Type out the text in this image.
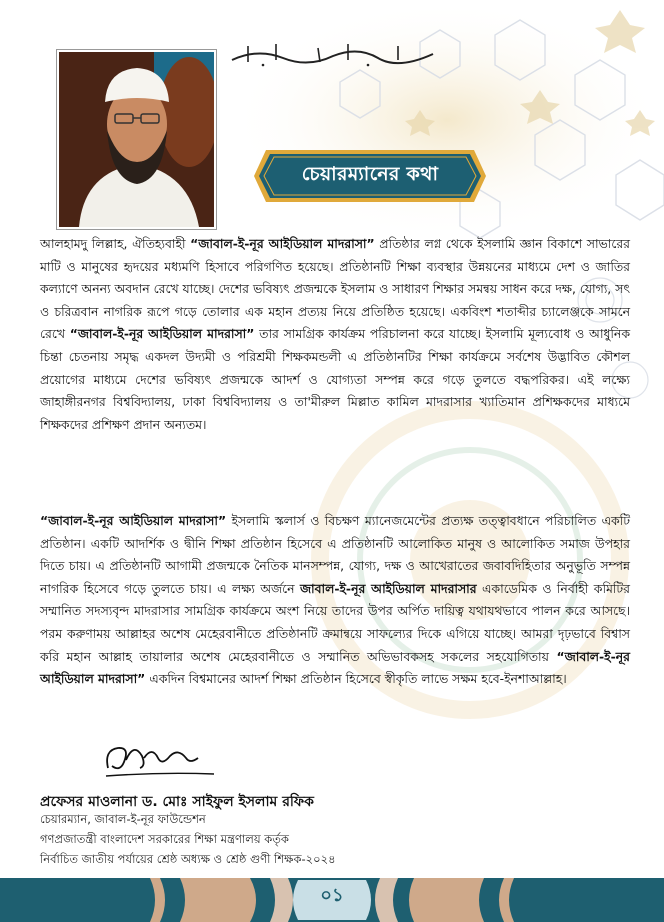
চেয়ারম্যানের কথা
আলহামদু লিল্লাহ, ঐতিহ্যবাহী “জাবাল-ই-নূর আইডিয়াল মাদরাসা” প্রতিষ্ঠার লগ্ন থেকে ইসলামি জ্ঞান বিকাশে সাভারের মাটি ও মানুষের হৃদয়ের মধ্যমণি হিসাবে পরিগণিত হয়েছে। প্রতিষ্ঠানটি শিক্ষা ব্যবস্থার উন্নয়নের মাধ্যমে দেশ ও জাতির কল্যাণে অনন্য অবদান রেখে যাচ্ছে। দেশের ভবিষ্যৎ প্রজন্মকে ইসলাম ও সাধারণ শিক্ষার সমন্বয় সাধন করে দক্ষ, যোগ্য, সৎ ও চরিত্রবান নাগরিক রূপে গড়ে তোলার এক মহান প্রত্যয় নিয়ে প্রতিষ্ঠিত হয়েছে। একবিংশ শতাব্দীর চ্যালেঞ্জকে সামনে রেখে “জাবাল-ই-নূর আইডিয়াল মাদরাসা” তার সামগ্রিক কার্যক্রম পরিচালনা করে যাচ্ছে। ইসলামি মূল্যবোধ ও আধুনিক চিন্তা চেতনায় সমৃদ্ধ একদল উদ্যমী ও পরিশ্রমী শিক্ষকমন্ডলী এ প্রতিষ্ঠানটির শিক্ষা কার্যক্রমে সর্বশেষ উদ্ভাবিত কৌশল প্রয়োগের মাধ্যমে দেশের ভবিষ্যৎ প্রজন্মকে আদর্শ ও যোগ্যতা সম্পন্ন করে গড়ে তুলতে বদ্ধপরিকর। এই লক্ষ্যে জাহাঙ্গীরনগর বিশ্ববিদ্যালয়, ঢাকা বিশ্ববিদ্যালয় ও তা'মীরুল মিল্লাত কামিল মাদরাসার খ্যাতিমান প্রশিক্ষকদের মাধ্যমে শিক্ষকদের প্রশিক্ষণ প্রদান অন্যতম।
“জাবাল-ই-নূর আইডিয়াল মাদরাসা” ইসলামি স্কলার্স ও বিচক্ষণ ম্যানেজমেন্টের প্রত্যক্ষ তত্ত্বাবধানে পরিচালিত একটি প্রতিষ্ঠান। একটি আদর্শিক ও দ্বীনি শিক্ষা প্রতিষ্ঠান হিসেবে এ প্রতিষ্ঠানটি আলোকিত মানুষ ও আলোকিত সমাজ উপহার দিতে চায়। এ প্রতিষ্ঠানটি আগামী প্রজন্মকে নৈতিক মানসম্পন্ন, যোগ্য, দক্ষ ও আখেরাতের জবাবদিহিতার অনুভূতি সম্পন্ন নাগরিক হিসেবে গড়ে তুলতে চায়। এ লক্ষ্য অর্জনে জাবাল-ই-নূর আইডিয়াল মাদরাসার একাডেমিক ও নির্বাহী কমিটির সম্মানিত সদস্যবৃন্দ মাদরাসার সামগ্রিক কার্যক্রমে অংশ নিয়ে তাদের উপর অর্পিত দায়িত্ব যথাযথভাবে পালন করে আসছে। পরম করুণাময় আল্লাহর অশেষ মেহেরবানীতে প্রতিষ্ঠানটি ক্রমান্বয়ে সাফল্যের দিকে এগিয়ে যাচ্ছে। আমরা দৃঢ়ভাবে বিশ্বাস করি মহান আল্লাহ তায়ালার অশেষ মেহেরবানীতে ও সম্মানিত অভিভাবকসহ সকলের সহযোগিতায় “জাবাল-ই-নূর আইডিয়াল মাদরাসা” একদিন বিশ্বমানের আদর্শ শিক্ষা প্রতিষ্ঠান হিসেবে স্বীকৃতি লাভে সক্ষম হবে-ইনশাআল্লাহ।
প্রফেসর মাওলানা ড. মোঃ সাইফুল ইসলাম রফিক
চেয়ারম্যান, জাবাল-ই-নূর ফাউন্ডেশন
গণপ্রজাতন্ত্রী বাংলাদেশ সরকারের শিক্ষা মন্ত্রণালয় কর্তৃক
নির্বাচিত জাতীয় পর্যায়ের শ্রেষ্ঠ অধ্যক্ষ ও শ্রেষ্ঠ গুণী শিক্ষক-২০২৪
০১
